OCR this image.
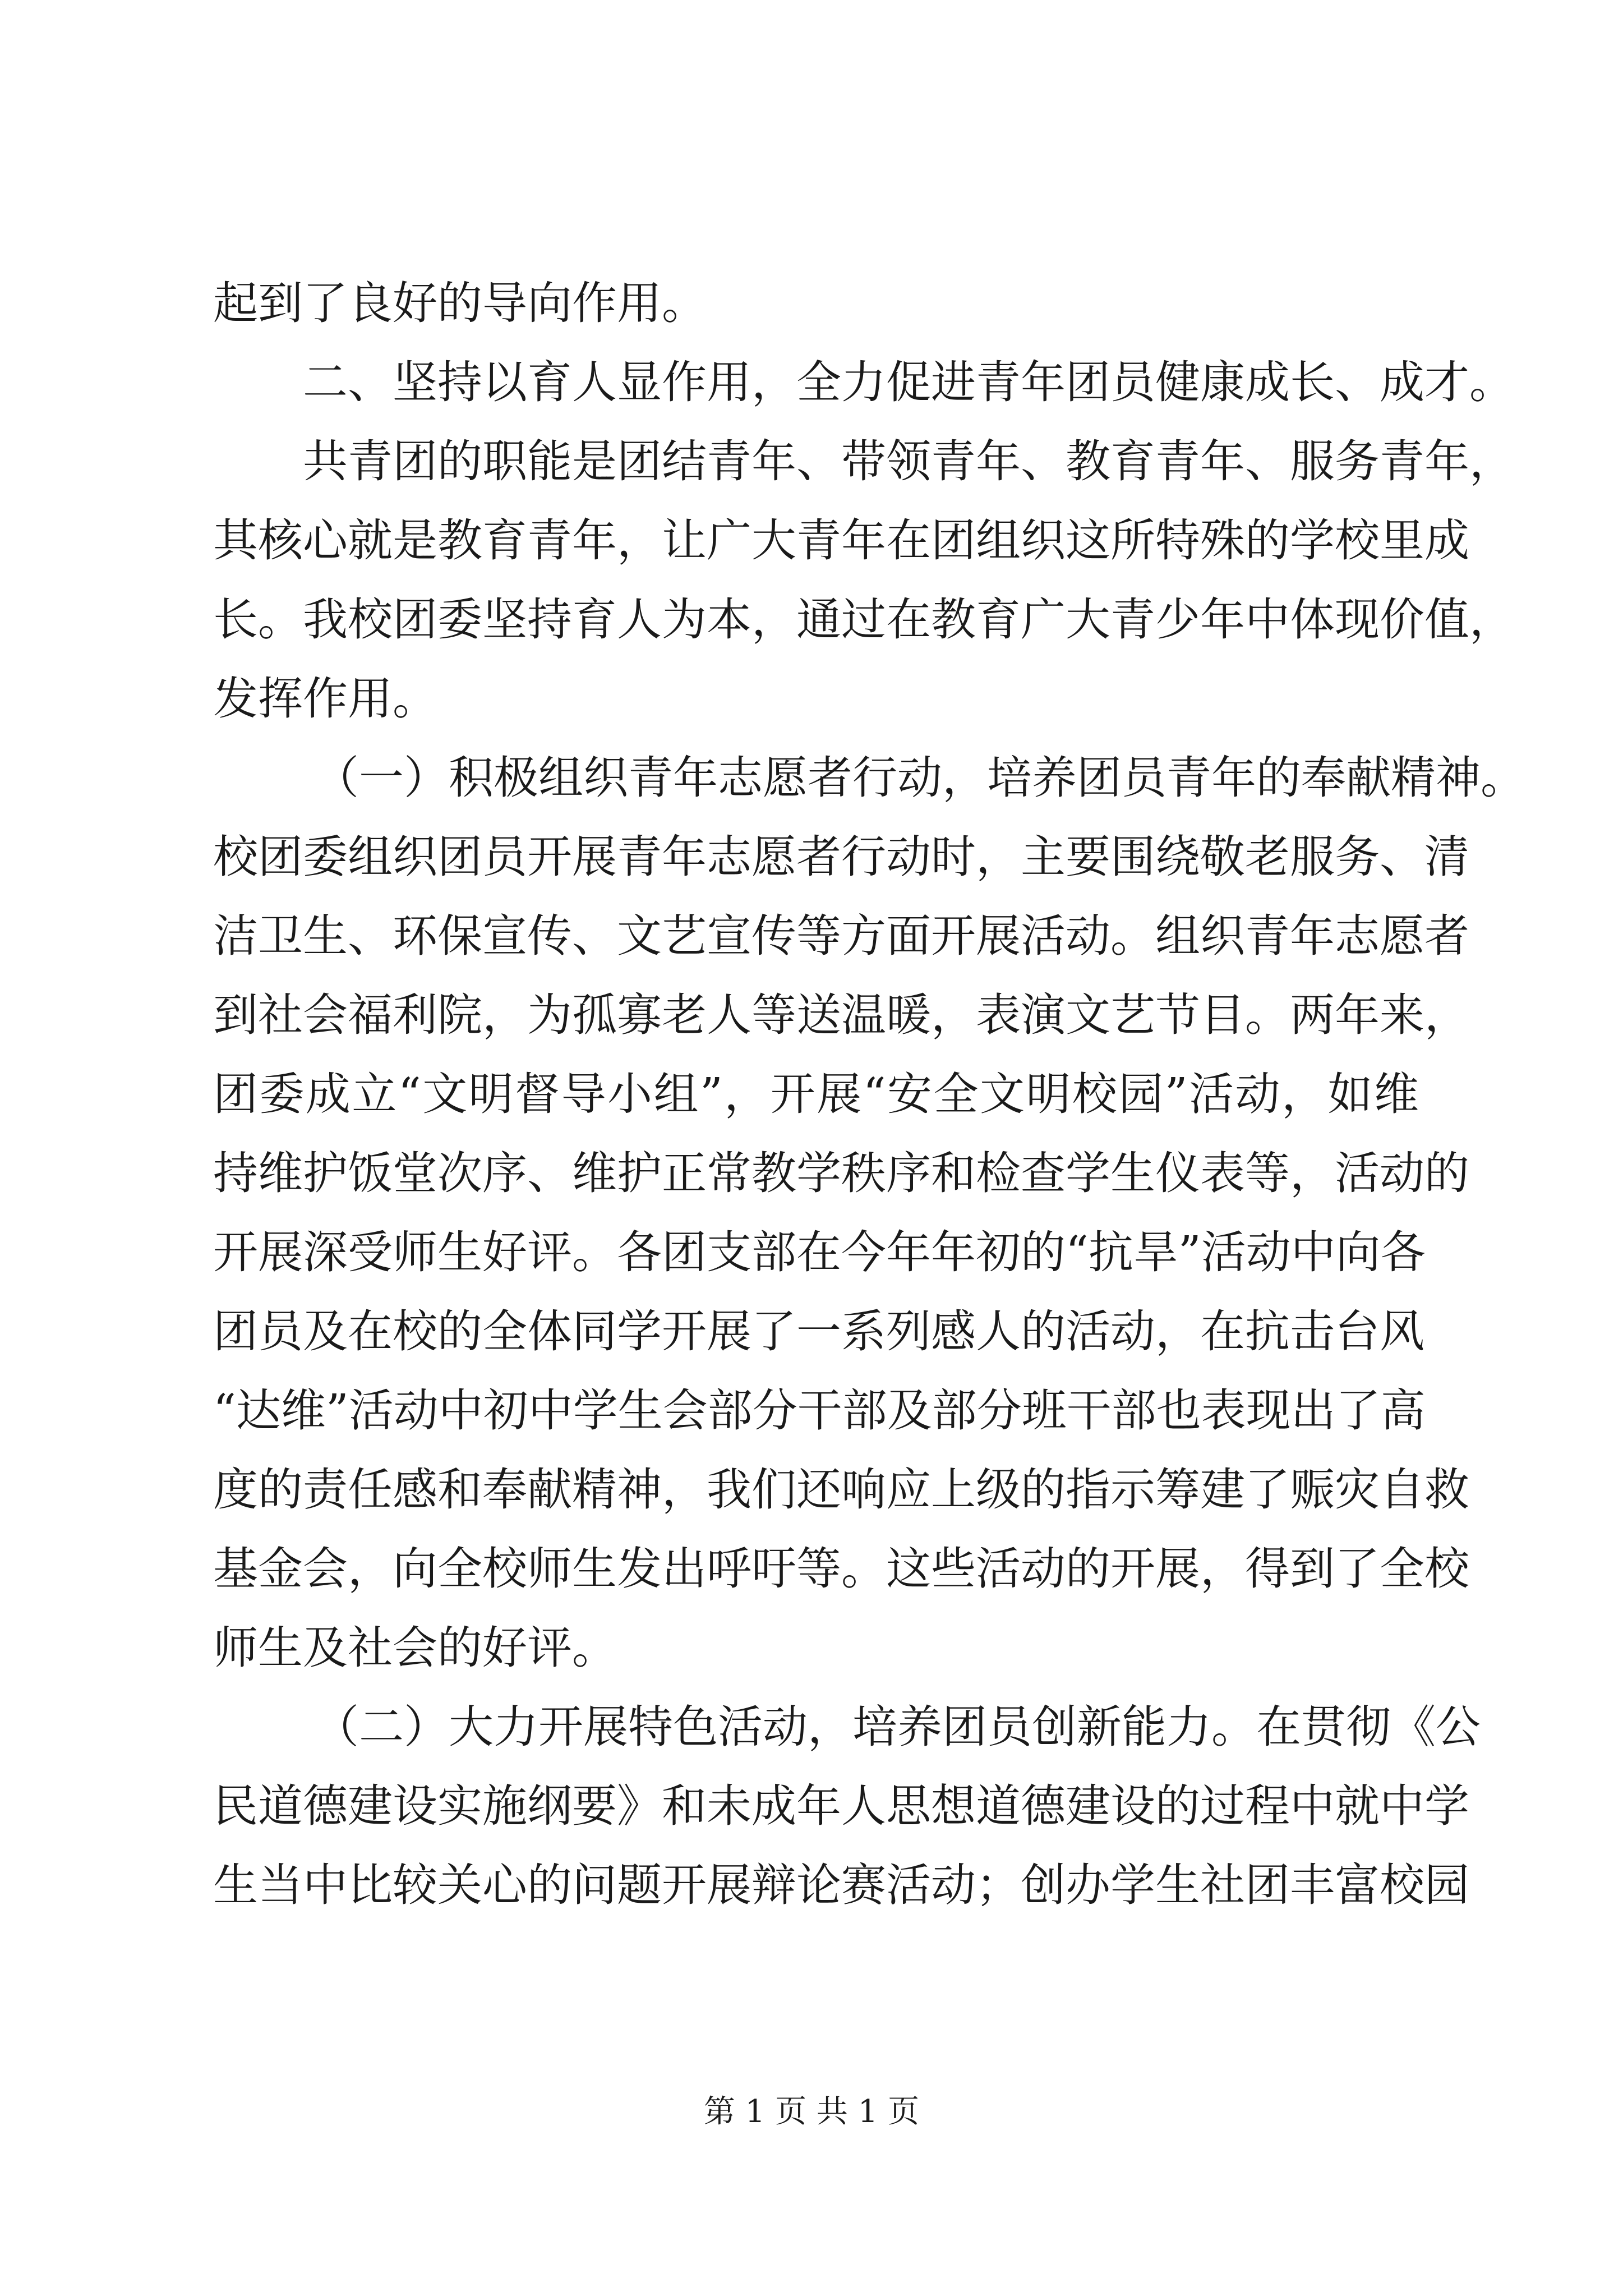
起到了良好的导向作用。
二、坚持以育人显作用，全力促进青年团员健康成长、成才。
共青团的职能是团结青年、带领青年、教育青年、服务青年，
其核心就是教育青年，让广大青年在团组织这所特殊的学校里成
长。我校团委坚持育人为本，通过在教育广大青少年中体现价值，
发挥作用。
（一）积极组织青年志愿者行动，培养团员青年的奉献精神。
校团委组织团员开展青年志愿者行动时，主要围绕敬老服务、清
洁卫生、环保宣传、文艺宣传等方面开展活动。组织青年志愿者
到社会福利院，为孤寡老人等送温暖，表演文艺节目。两年来，
团委成立“文明督导小组”，开展“安全文明校园”活动，如维
持维护饭堂次序、维护正常教学秩序和检查学生仪表等，活动的
开展深受师生好评。各团支部在今年年初的“抗旱”活动中向各
团员及在校的全体同学开展了一系列感人的活动，在抗击台风
“达维”活动中初中学生会部分干部及部分班干部也表现出了高
度的责任感和奉献精神，我们还响应上级的指示筹建了赈灾自救
基金会，向全校师生发出呼吁等。这些活动的开展，得到了全校
师生及社会的好评。
（二）大力开展特色活动，培养团员创新能力。在贯彻《公
民道德建设实施纲要》和未成年人思想道德建设的过程中就中学
生当中比较关心的问题开展辩论赛活动；创办学生社团丰富校园
第 1 页 共 1 页
